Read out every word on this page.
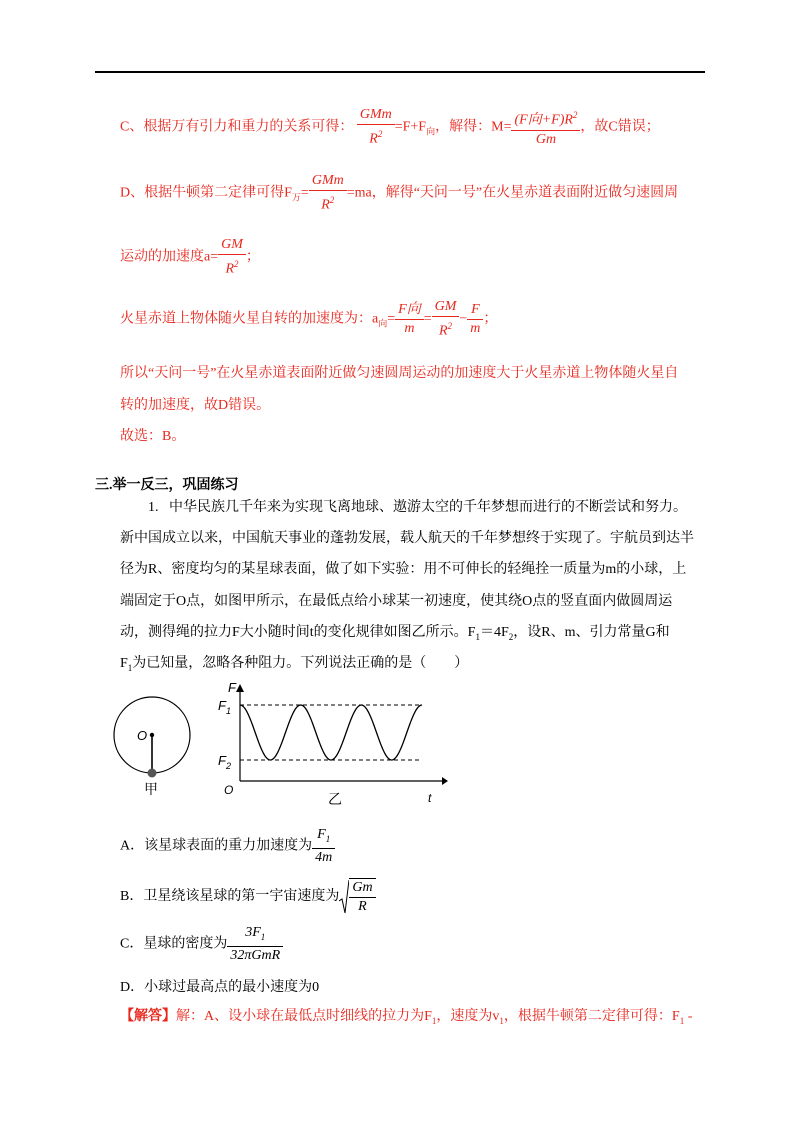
C、根据万有引力和重力的关系可得： $\frac{\text{GMm}}{R^2} =F+F_向$，解得：$M= \frac{(F向+F)R^2}{Gm}$ ，故C错误；
D、根据牛顿第二定律可得$F_万= \frac{\text{GMm}}{R^2} =ma$，解得“天问一号”在火星赤道表面附近做匀速圆周
运动的加速度$a= \frac{GM}{R^2}$ ；
火星赤道上物体随火星自转的加速度为：$a_向= \frac{\text{F向}}{m} = \frac{GM}{R^2} - \frac{F}{m}$ ；
所以“天问一号”在火星赤道表面附近做匀速圆周运动的加速度大于火星赤道上物体随火星自
转的加速度，故D错误。
故选：B。
三.举一反三，巩固练习
1. 中华民族几千年来为实现飞离地球、遨游太空的千年梦想而进行的不断尝试和努力。
新中国成立以来，中国航天事业的蓬勃发展，载人航天的千年梦想终于实现了。宇航员到达半
径为R、密度均匀的某星球表面，做了如下实验：用不可伸长的轻绳拴一质量为m的小球，上
端固定于O点，如图甲所示，在最低点给小球某一初速度，使其绕O点的竖直面内做圆周运
动，测得绳的拉力F大小随时间t的变化规律如图乙所示。$F_1=4F_2$，设R、m、引力常量G和
$F_1$为已知量，忽略各种阻力。下列说法正确的是（　　）
O
甲
F
t
O
$F_1$
$F_2$
乙
A．该星球表面的重力加速度为 $\frac{F_1}{4m}$
B．卫星绕该星球的第一宇宙速度为 $\frac{Gm}{R}$
C．星球的密度为 $\frac{3F_1}{\text{32πGmR}}$
D．小球过最高点的最小速度为0
【解答】解：A、设小球在最低点时细线的拉力为$F_1$，速度为$v_1$，根据牛顿第二定律可得：$F_1$ -
